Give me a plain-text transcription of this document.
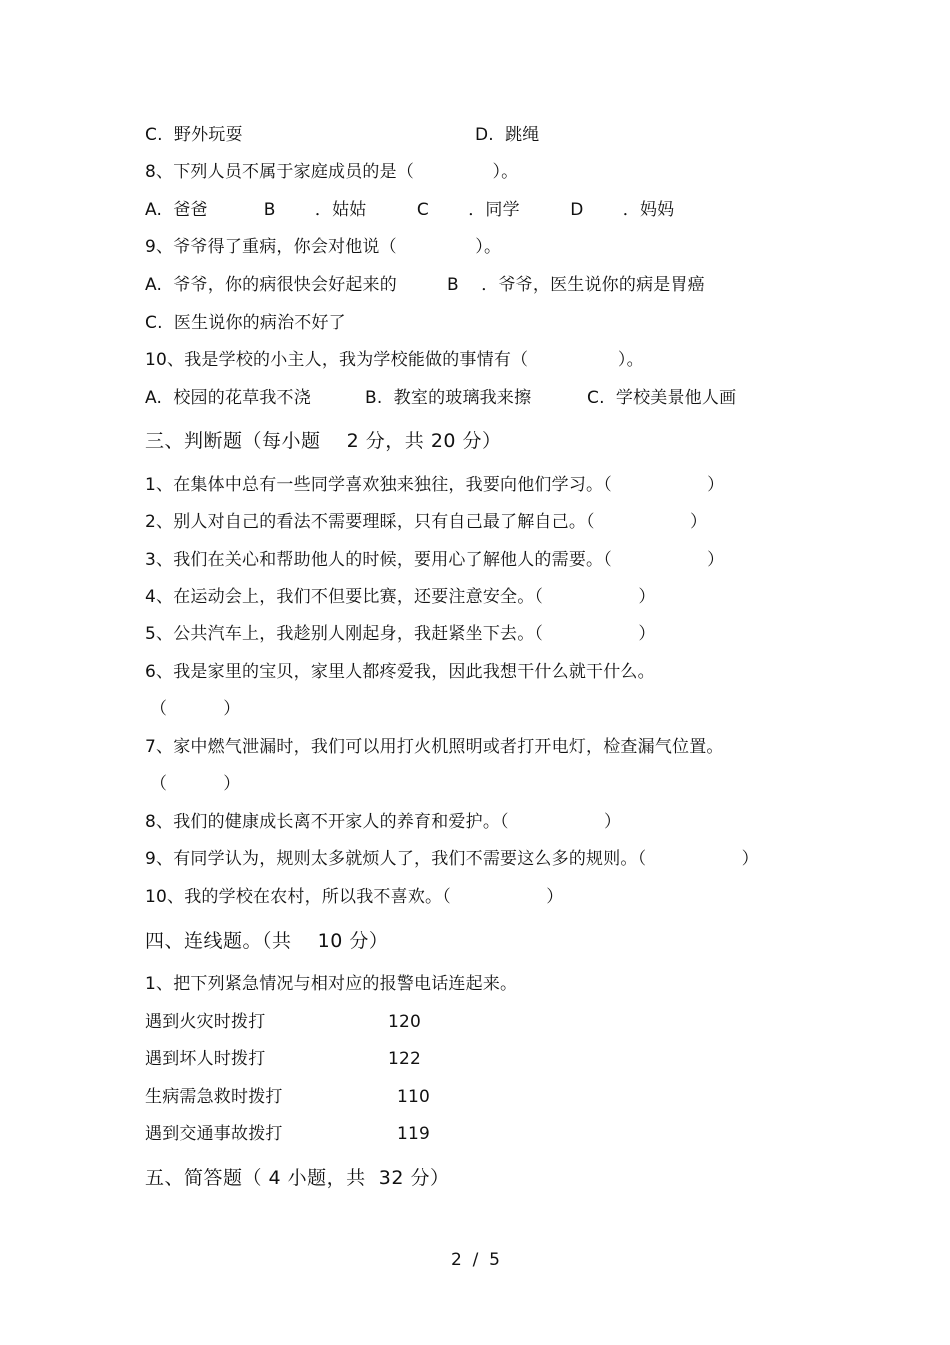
C.  野外玩耍	D.  跳绳
8、下列人员不属于家庭成员的是（              ）。
A.  爸爸          B       ．姑姑         C       ．同学         D       ．妈妈
9、爷爷得了重病，你会对他说（              ）。
A.  爷爷，你的病很快会好起来的	B    ．爷爷，医生说你的病是胃癌
C.  医生说你的病治不好了
10、我是学校的小主人，我为学校能做的事情有（                ）。
A.  校园的花草我不浇	B.  教室的玻璃我来擦	C.  学校美景他人画
三、判断题（每小题    2 分，共 20 分）
1、在集体中总有一些同学喜欢独来独往，我要向他们学习。（                 ）
2、别人对自己的看法不需要理睬，只有自己最了解自己。（                 ）
3、我们在关心和帮助他人的时候，要用心了解他人的需要。（                 ）
4、在运动会上，我们不但要比赛，还要注意安全。（                 ）
5、公共汽车上，我趁别人刚起身，我赶紧坐下去。（                 ）
6、我是家里的宝贝，家里人都疼爱我，因此我想干什么就干什么。
（          ）
7、家中燃气泄漏时，我们可以用打火机照明或者打开电灯，检查漏气位置。
（          ）
8、我们的健康成长离不开家人的养育和爱护。（                 ）
9、有同学认为，规则太多就烦人了，我们不需要这么多的规则。（                 ）
10、我的学校在农村，所以我不喜欢。（                 ）
四、连线题。（共    10 分）
1、把下列紧急情况与相对应的报警电话连起来。
遇到火灾时拨打	120
遇到坏人时拨打	122
生病需急救时拨打	110
遇到交通事故拨打	119
五、简答题（ 4 小题，共  32 分）
2  /  5
